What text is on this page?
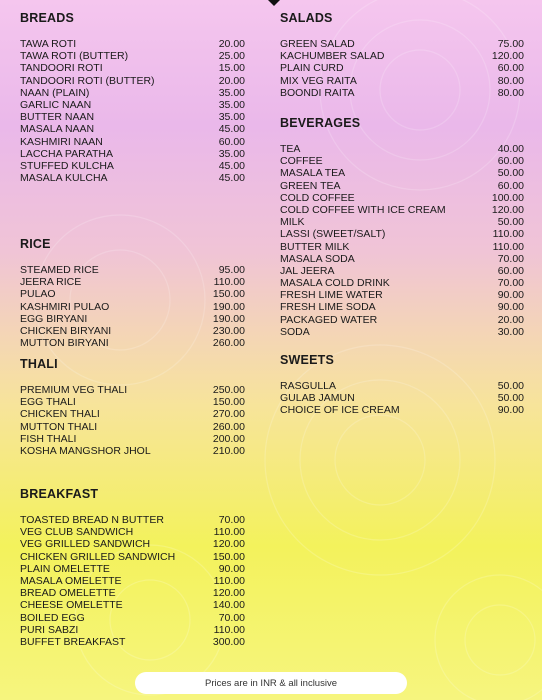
BREADS
TAWA ROTI	20.00
TAWA ROTI (BUTTER)	25.00
TANDOORI ROTI	15.00
TANDOORI ROTI (BUTTER)	20.00
NAAN (PLAIN)	35.00
GARLIC NAAN	35.00
BUTTER NAAN	35.00
MASALA NAAN	45.00
KASHMIRI NAAN	60.00
LACCHA PARATHA	35.00
STUFFED KULCHA	45.00
MASALA KULCHA	45.00
RICE
STEAMED RICE	95.00
JEERA RICE	110.00
PULAO	150.00
KASHMIRI PULAO	190.00
EGG BIRYANI	190.00
CHICKEN BIRYANI	230.00
MUTTON BIRYANI	260.00
THALI
PREMIUM VEG THALI	250.00
EGG THALI	150.00
CHICKEN THALI	270.00
MUTTON THALI	260.00
FISH THALI	200.00
KOSHA MANGSHOR JHOL	210.00
BREAKFAST
TOASTED BREAD N BUTTER	70.00
VEG CLUB SANDWICH	110.00
VEG GRILLED SANDWICH	120.00
CHICKEN GRILLED SANDWICH	150.00
PLAIN OMELETTE	90.00
MASALA OMELETTE	110.00
BREAD OMELETTE	120.00
CHEESE OMELETTE	140.00
BOILED EGG	70.00
PURI SABZI	110.00
BUFFET BREAKFAST	300.00
SALADS
GREEN SALAD	75.00
KACHUMBER SALAD	120.00
PLAIN CURD	60.00
MIX VEG RAITA	80.00
BOONDI RAITA	80.00
BEVERAGES
TEA	40.00
COFFEE	60.00
MASALA TEA	50.00
GREEN TEA	60.00
COLD COFFEE	100.00
COLD COFFEE WITH ICE CREAM	120.00
MILK	50.00
LASSI (SWEET/SALT)	110.00
BUTTER MILK	110.00
MASALA SODA	70.00
JAL JEERA	60.00
MASALA COLD DRINK	70.00
FRESH LIME WATER	90.00
FRESH LIME SODA	90.00
PACKAGED WATER	20.00
SODA	30.00
SWEETS
RASGULLA	50.00
GULAB JAMUN	50.00
CHOICE OF ICE CREAM	90.00
Prices are in INR & all inclusive
